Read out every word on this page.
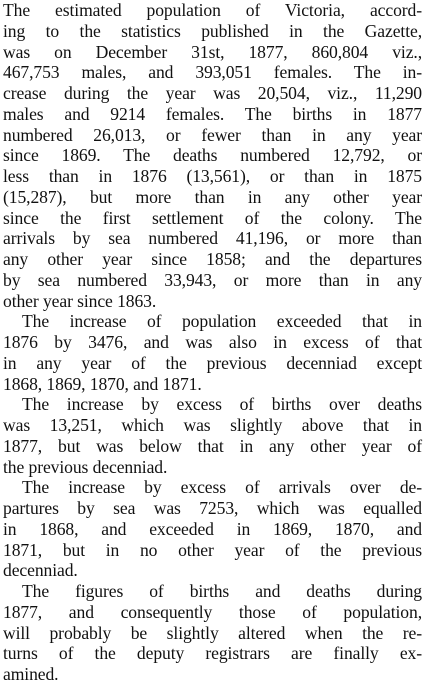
The estimated population of Victoria, accord-
ing to the statistics published in the Gazette,
was on December 31st, 1877, 860,804 viz.,
467,753 males, and 393,051 females. The in-
crease during the year was 20,504, viz., 11,290
males and 9214 females. The births in 1877
numbered 26,013, or fewer than in any year
since 1869. The deaths numbered 12,792, or
less than in 1876 (13,561), or than in 1875
(15,287), but more than in any other year
since the first settlement of the colony. The
arrivals by sea numbered 41,196, or more than
any other year since 1858; and the departures
by sea numbered 33,943, or more than in any
other year since 1863.
The increase of population exceeded that in
1876 by 3476, and was also in excess of that
in any year of the previous decenniad except
1868, 1869, 1870, and 1871.
The increase by excess of births over deaths
was 13,251, which was slightly above that in
1877, but was below that in any other year of
the previous decenniad.
The increase by excess of arrivals over de-
partures by sea was 7253, which was equalled
in 1868, and exceeded in 1869, 1870, and
1871, but in no other year of the previous
decenniad.
The figures of births and deaths during
1877, and consequently those of population,
will probably be slightly altered when the re-
turns of the deputy registrars are finally ex-
amined.
